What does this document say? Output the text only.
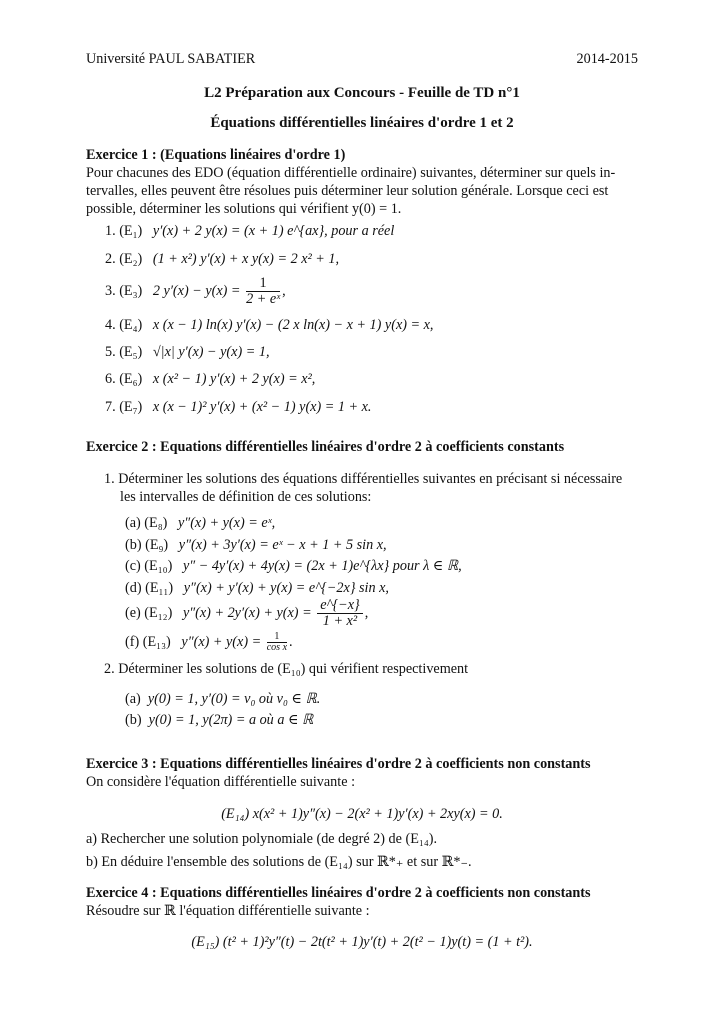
Université PAUL SABATIER	2014-2015
L2 Préparation aux Concours - Feuille de TD n°1
Équations différentielles linéaires d'ordre 1 et 2
Exercice 1 : (Equations linéaires d'ordre 1)
Pour chacunes des EDO (équation différentielle ordinaire) suivantes, déterminer sur quels in-
tervalles, elles peuvent être résolues puis déterminer leur solution générale. Lorsque ceci est
possible, déterminer les solutions qui vérifient y(0) = 1.
1. (E₁) y′(x) + 2 y(x) = (x + 1) e^{ax}, pour a réel
2. (E₂) (1 + x²) y′(x) + x y(x) = 2 x² + 1,
3. (E₃) 2 $y'(x) - y(x) = \frac{1}{\text{2 + eˣ}}$ ,
4. (E₄) x (x − 1) ln(x) y′(x) − (2 x ln(x) − x + 1) y(x) = x,
5. (E₅) √|x| y′(x) − y(x) = 1,
6. (E₆) x (x² − 1) y′(x) + 2 y(x) = x²,
7. (E₇) x (x − 1)² y′(x) + (x² − 1) y(x) = 1 + x.
Exercice 2 : Equations différentielles linéaires d'ordre 2 à coefficients constants
1. Déterminer les solutions des équations différentielles suivantes en précisant si nécessaire
les intervalles de définition de ces solutions:
(a) (E₈) y″(x) + y(x) = eˣ,
(b) (E₉) y″(x) + 3y′(x) = eˣ − x + 1 + 5 sin x,
(c) (E₁₀) y″ − 4y′(x) + 4y(x) = (2x + 1)e^{λx} pour λ ∈ ℝ,
(d) (E₁₁) y″(x) + y′(x) + y(x) = e^{−2x} sin x,
(e) (E₁₂) $y''(x) + 2y'(x) + y(x) = \frac{e\^{}\{-x\}}{\text{1 + x²}}$ ,
(f) (E₁₃) $y''(x) + y(x) = \frac{1}{\text{cos x}}$ .
2. Déterminer les solutions de (E₁₀) qui vérifient respectivement
(a) y(0) = 1, y′(0) = v₀ où v₀ ∈ ℝ.
(b) y(0) = 1, y(2π) = a où a ∈ ℝ
Exercice 3 : Equations différentielles linéaires d'ordre 2 à coefficients non constants
On considère l'équation différentielle suivante :
(E₁₄) x(x² + 1)y″(x) − 2(x² + 1)y′(x) + 2xy(x) = 0.
a) Rechercher une solution polynomiale (de degré 2) de (E₁₄).
b) En déduire l'ensemble des solutions de (E₁₄) sur ℝ*₊ et sur ℝ*₋.
Exercice 4 : Equations différentielles linéaires d'ordre 2 à coefficients non constants
Résoudre sur ℝ l'équation différentielle suivante :
(E₁₅) (t² + 1)²y″(t) − 2t(t² + 1)y′(t) + 2(t² − 1)y(t) = (1 + t²).
